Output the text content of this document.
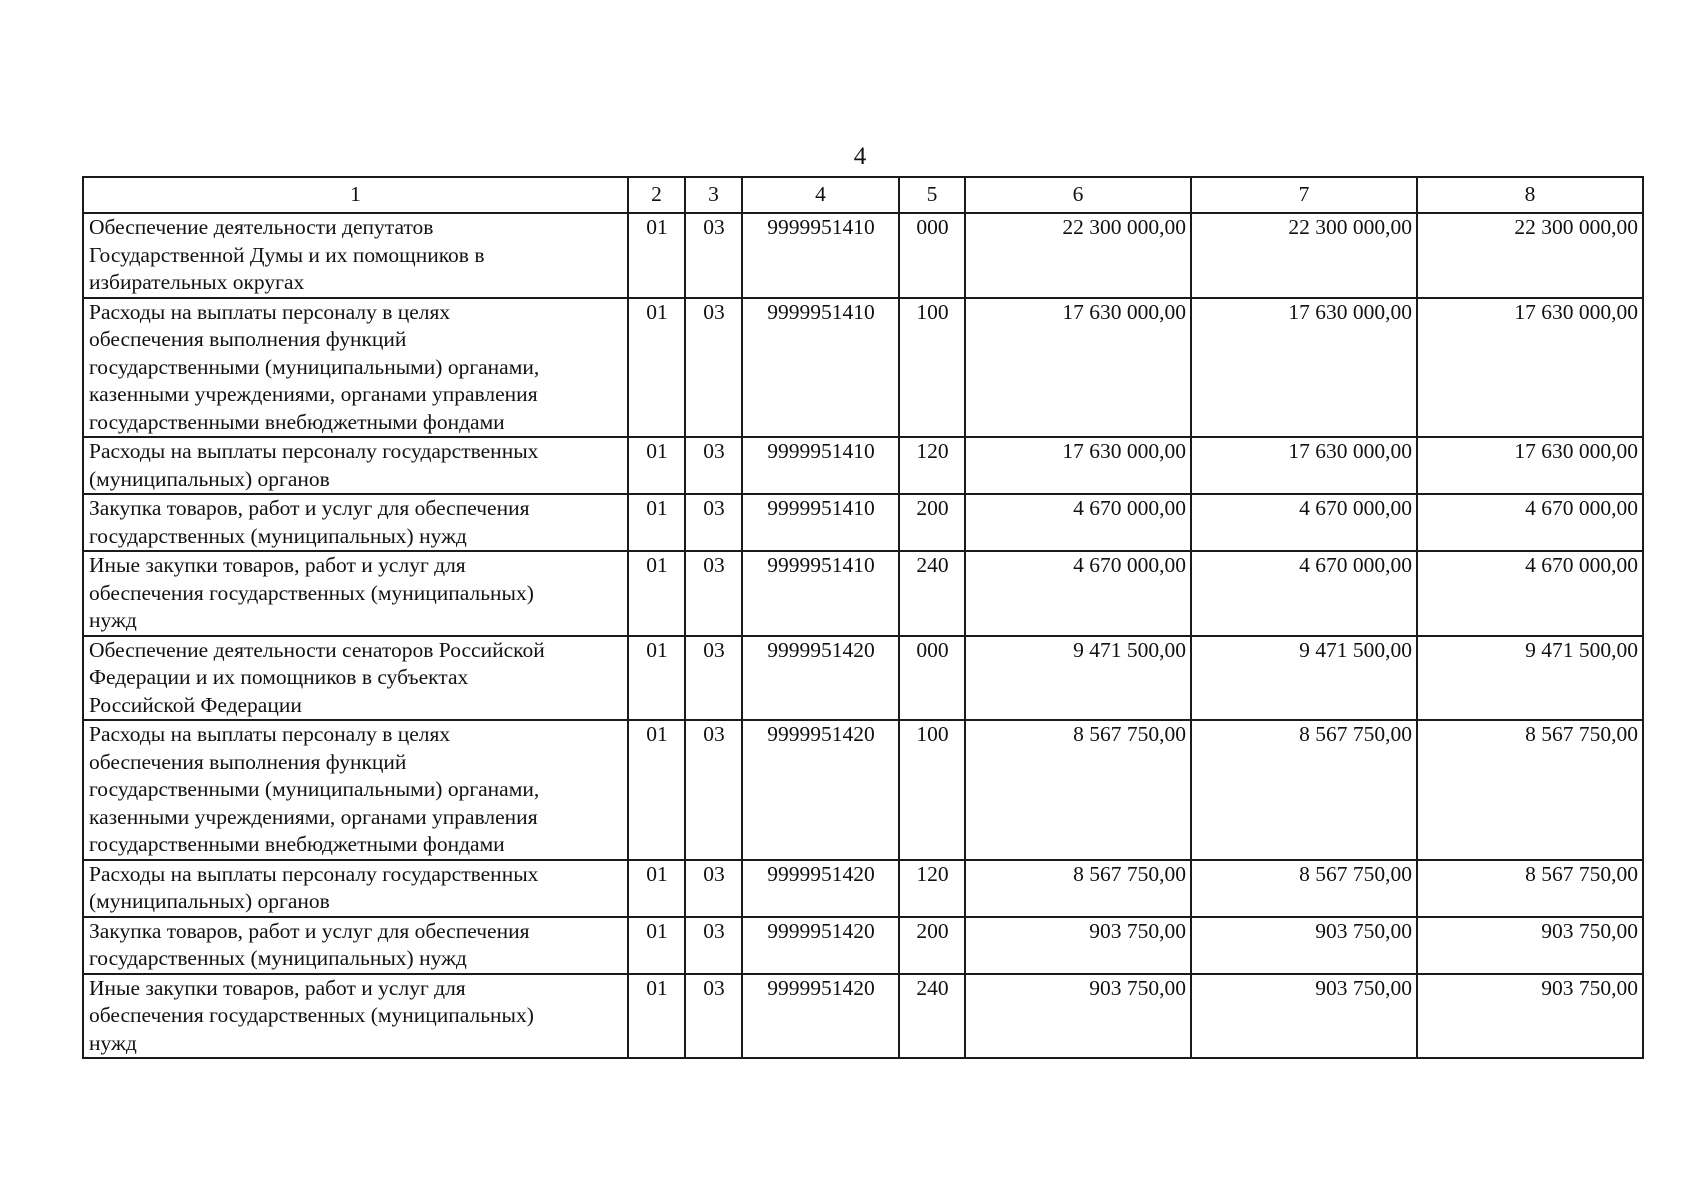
4
1	2	3	4	5	6	7	8

Обеспечение деятельности депутатов
Государственной Думы и их помощников в
избирательных округах	01	03	9999951410	000	22 300 000,00	22 300 000,00	22 300 000,00

Расходы на выплаты персоналу в целях
обеспечения выполнения функций
государственными (муниципальными) органами,
казенными учреждениями, органами управления
государственными внебюджетными фондами	01	03	9999951410	100	17 630 000,00	17 630 000,00	17 630 000,00

Расходы на выплаты персоналу государственных
(муниципальных) органов	01	03	9999951410	120	17 630 000,00	17 630 000,00	17 630 000,00

Закупка товаров, работ и услуг для обеспечения
государственных (муниципальных) нужд	01	03	9999951410	200	4 670 000,00	4 670 000,00	4 670 000,00

Иные закупки товаров, работ и услуг для
обеспечения государственных (муниципальных)
нужд	01	03	9999951410	240	4 670 000,00	4 670 000,00	4 670 000,00

Обеспечение деятельности сенаторов Российской
Федерации и их помощников в субъектах
Российской Федерации	01	03	9999951420	000	9 471 500,00	9 471 500,00	9 471 500,00

Расходы на выплаты персоналу в целях
обеспечения выполнения функций
государственными (муниципальными) органами,
казенными учреждениями, органами управления
государственными внебюджетными фондами	01	03	9999951420	100	8 567 750,00	8 567 750,00	8 567 750,00

Расходы на выплаты персоналу государственных
(муниципальных) органов	01	03	9999951420	120	8 567 750,00	8 567 750,00	8 567 750,00

Закупка товаров, работ и услуг для обеспечения
государственных (муниципальных) нужд	01	03	9999951420	200	903 750,00	903 750,00	903 750,00

Иные закупки товаров, работ и услуг для
обеспечения государственных (муниципальных)
нужд	01	03	9999951420	240	903 750,00	903 750,00	903 750,00
